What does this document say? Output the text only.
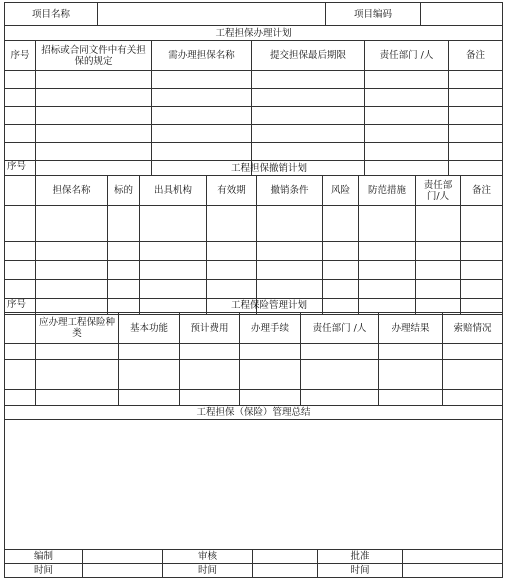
项目名称		项目编码	
工程担保办理计划					
序号	招标或合同文件中有关担保的规定	需办理担保名称	提交担保最后期限	责任部门 /人	备注

序号	工程担保撤销计划								
	担保名称	标的	出具机构	有效期	撤销条件	风险	防范措施	责任部门/人	备注

序号	工程保险管理计划						
	应办理工程保险种类	基本功能	预计费用	办理手续	责任部门 /人	办理结果	索赔情况

工程担保（保险）管理总结

编制		审核		批准	
时间		时间		时间	
